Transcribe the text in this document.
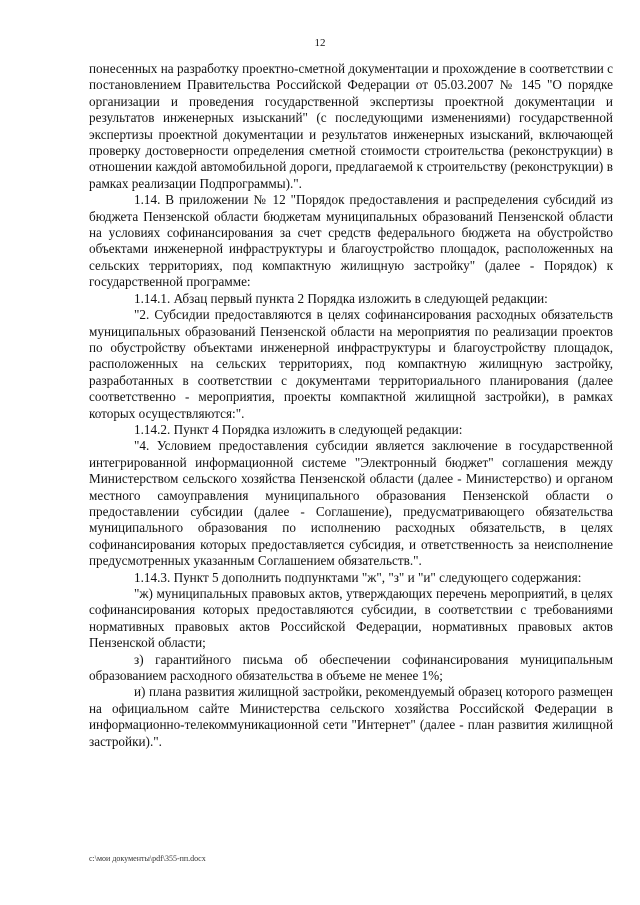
12

понесенных на разработку проектно-сметной документации и прохождение в соответствии с постановлением Правительства Российской Федерации от 05.03.2007 № 145 "О порядке организации и проведения государственной экспертизы проектной документации и результатов инженерных изысканий" (с последующими изменениями) государственной экспертизы проектной документации и результатов инженерных изысканий, включающей проверку достоверности определения сметной стоимости строительства (реконструкции) в отношении каждой автомобильной дороги, предлагаемой к строительству (реконструкции) в рамках реализации Подпрограммы).".

1.14. В приложении № 12 "Порядок предоставления и распределения субсидий из бюджета Пензенской области бюджетам муниципальных образований Пензенской области на условиях софинансирования за счет средств федерального бюджета на обустройство объектами инженерной инфраструктуры и благоустройство площадок, расположенных на сельских территориях, под компактную жилищную застройку" (далее - Порядок) к государственной программе:

1.14.1. Абзац первый пункта 2 Порядка изложить в следующей редакции:

"2. Субсидии предоставляются в целях софинансирования расходных обязательств муниципальных образований Пензенской области на мероприятия по реализации проектов по обустройству объектами инженерной инфраструктуры и благоустройству площадок, расположенных на сельских территориях, под компактную жилищную застройку, разработанных в соответствии с документами территориального планирования (далее соответственно - мероприятия, проекты компактной жилищной застройки), в рамках которых осуществляются:".

1.14.2. Пункт 4 Порядка изложить в следующей редакции:

"4. Условием предоставления субсидии является заключение в государственной интегрированной информационной системе "Электронный бюджет" соглашения между Министерством сельского хозяйства Пензенской области (далее - Министерство) и органом местного самоуправления муниципального образования Пензенской области о предоставлении субсидии (далее - Соглашение), предусматривающего обязательства муниципального образования по исполнению расходных обязательств, в целях софинансирования которых предоставляется субсидия, и ответственность за неисполнение предусмотренных указанным Соглашением обязательств.".

1.14.3. Пункт 5 дополнить подпунктами "ж", "з" и "и" следующего содержания:

"ж) муниципальных правовых актов, утверждающих перечень мероприятий, в целях софинансирования которых предоставляются субсидии, в соответствии с требованиями нормативных правовых актов Российской Федерации, нормативных правовых актов Пензенской области;

з) гарантийного письма об обеспечении софинансирования муниципальным образованием расходного обязательства в объеме не менее 1%;

и) плана развития жилищной застройки, рекомендуемый образец которого размещен на официальном сайте Министерства сельского хозяйства Российской Федерации в информационно-телекоммуникационной сети "Интернет" (далее - план развития жилищной застройки).".

c:\мои документы\pdf\355-пп.docx
